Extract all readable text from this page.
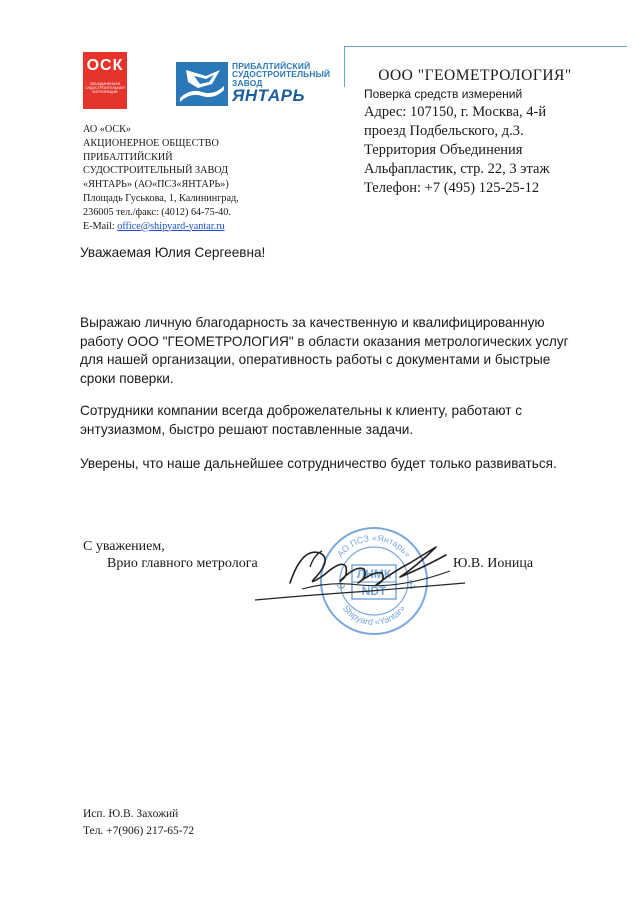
ОСК
ОБЪЕДИНЁННАЯ СУДОСТРОИТЕЛЬНАЯ КОРПОРАЦИЯ
ПРИБАЛТИЙСКИЙ
СУДОСТРОИТЕЛЬНЫЙ
ЗАВОД
ЯНТАРЬ
АО «ОСК»
АКЦИОНЕРНОЕ ОБЩЕСТВО
ПРИБАЛТИЙСКИЙ СУДОСТРОИТЕЛЬНЫЙ ЗАВОД
«ЯНТАРЬ» (АО«ПСЗ«ЯНТАРЬ»)
Площадь Гуськова, 1, Калининград,
236005 тел./факс: (4012) 64-75-40.
E-Mail: office@shipyard-yantar.ru
ООО "ГЕОМЕТРОЛОГИЯ"
Поверка средств измерений
Адрес: 107150, г. Москва, 4-й
проезд Подбельского, д.3.
Территория Объединения
Альфапластик, стр. 22, 3 этаж
Телефон: +7 (495) 125-25-12
Уважаемая Юлия Сергеевна!
Выражаю личную благодарность за качественную и квалифицированную работу ООО "ГЕОМЕТРОЛОГИЯ" в области оказания метрологических услуг для нашей организации, оперативность работы с документами и быстрые сроки поверки.
Сотрудники компании всегда доброжелательны к клиенту, работают с энтузиазмом, быстро решают поставленные задачи.
Уверены, что наше дальнейшее сотрудничество будет только развиваться.
АО ПСЗ «Янтарь»
Shipyard «Yantar»
ЛНМК
NDT
⚓	⚓
С уважением,
Врио главного метролога	Ю.В. Ионица
Исп. Ю.В. Захожий
Тел. +7(906) 217-65-72
